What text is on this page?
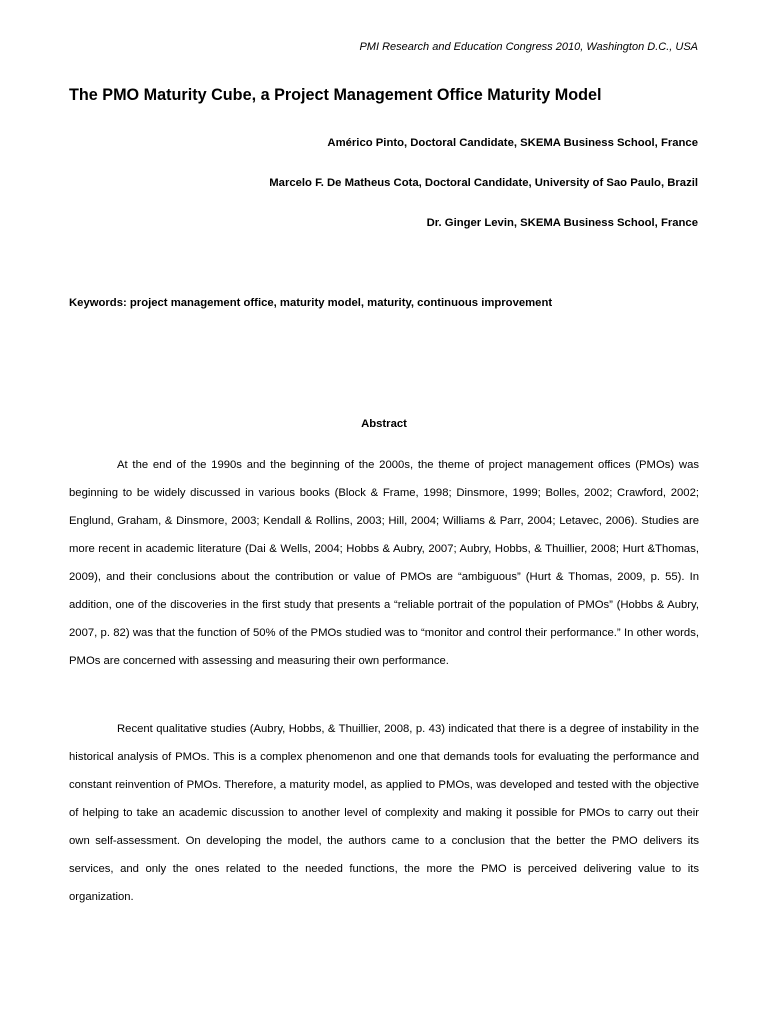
PMI Research and Education Congress 2010, Washington D.C., USA
The PMO Maturity Cube, a Project Management Office Maturity Model
Américo Pinto, Doctoral Candidate, SKEMA Business School, France
Marcelo F. De Matheus Cota, Doctoral Candidate, University of Sao Paulo, Brazil
Dr. Ginger Levin, SKEMA Business School, France
Keywords: project management office, maturity model, maturity, continuous improvement
Abstract
At the end of the 1990s and the beginning of the 2000s, the theme of project management offices (PMOs) was beginning to be widely discussed in various books (Block & Frame, 1998; Dinsmore, 1999; Bolles, 2002; Crawford, 2002; Englund, Graham, & Dinsmore, 2003; Kendall & Rollins, 2003; Hill, 2004; Williams & Parr, 2004; Letavec, 2006). Studies are more recent in academic literature (Dai & Wells, 2004; Hobbs & Aubry, 2007; Aubry, Hobbs, & Thuillier, 2008; Hurt &Thomas, 2009), and their conclusions about the contribution or value of PMOs are “ambiguous” (Hurt & Thomas, 2009, p. 55). In addition, one of the discoveries in the first study that presents a “reliable portrait of the population of PMOs” (Hobbs & Aubry, 2007, p. 82) was that the function of 50% of the PMOs studied was to “monitor and control their performance.” In other words, PMOs are concerned with assessing and measuring their own performance.
Recent qualitative studies (Aubry, Hobbs, & Thuillier, 2008, p. 43) indicated that there is a degree of instability in the historical analysis of PMOs. This is a complex phenomenon and one that demands tools for evaluating the performance and constant reinvention of PMOs. Therefore, a maturity model, as applied to PMOs, was developed and tested with the objective of helping to take an academic discussion to another level of complexity and making it possible for PMOs to carry out their own self-assessment. On developing the model, the authors came to a conclusion that the better the PMO delivers its services, and only the ones related to the needed functions, the more the PMO is perceived delivering value to its organization.
